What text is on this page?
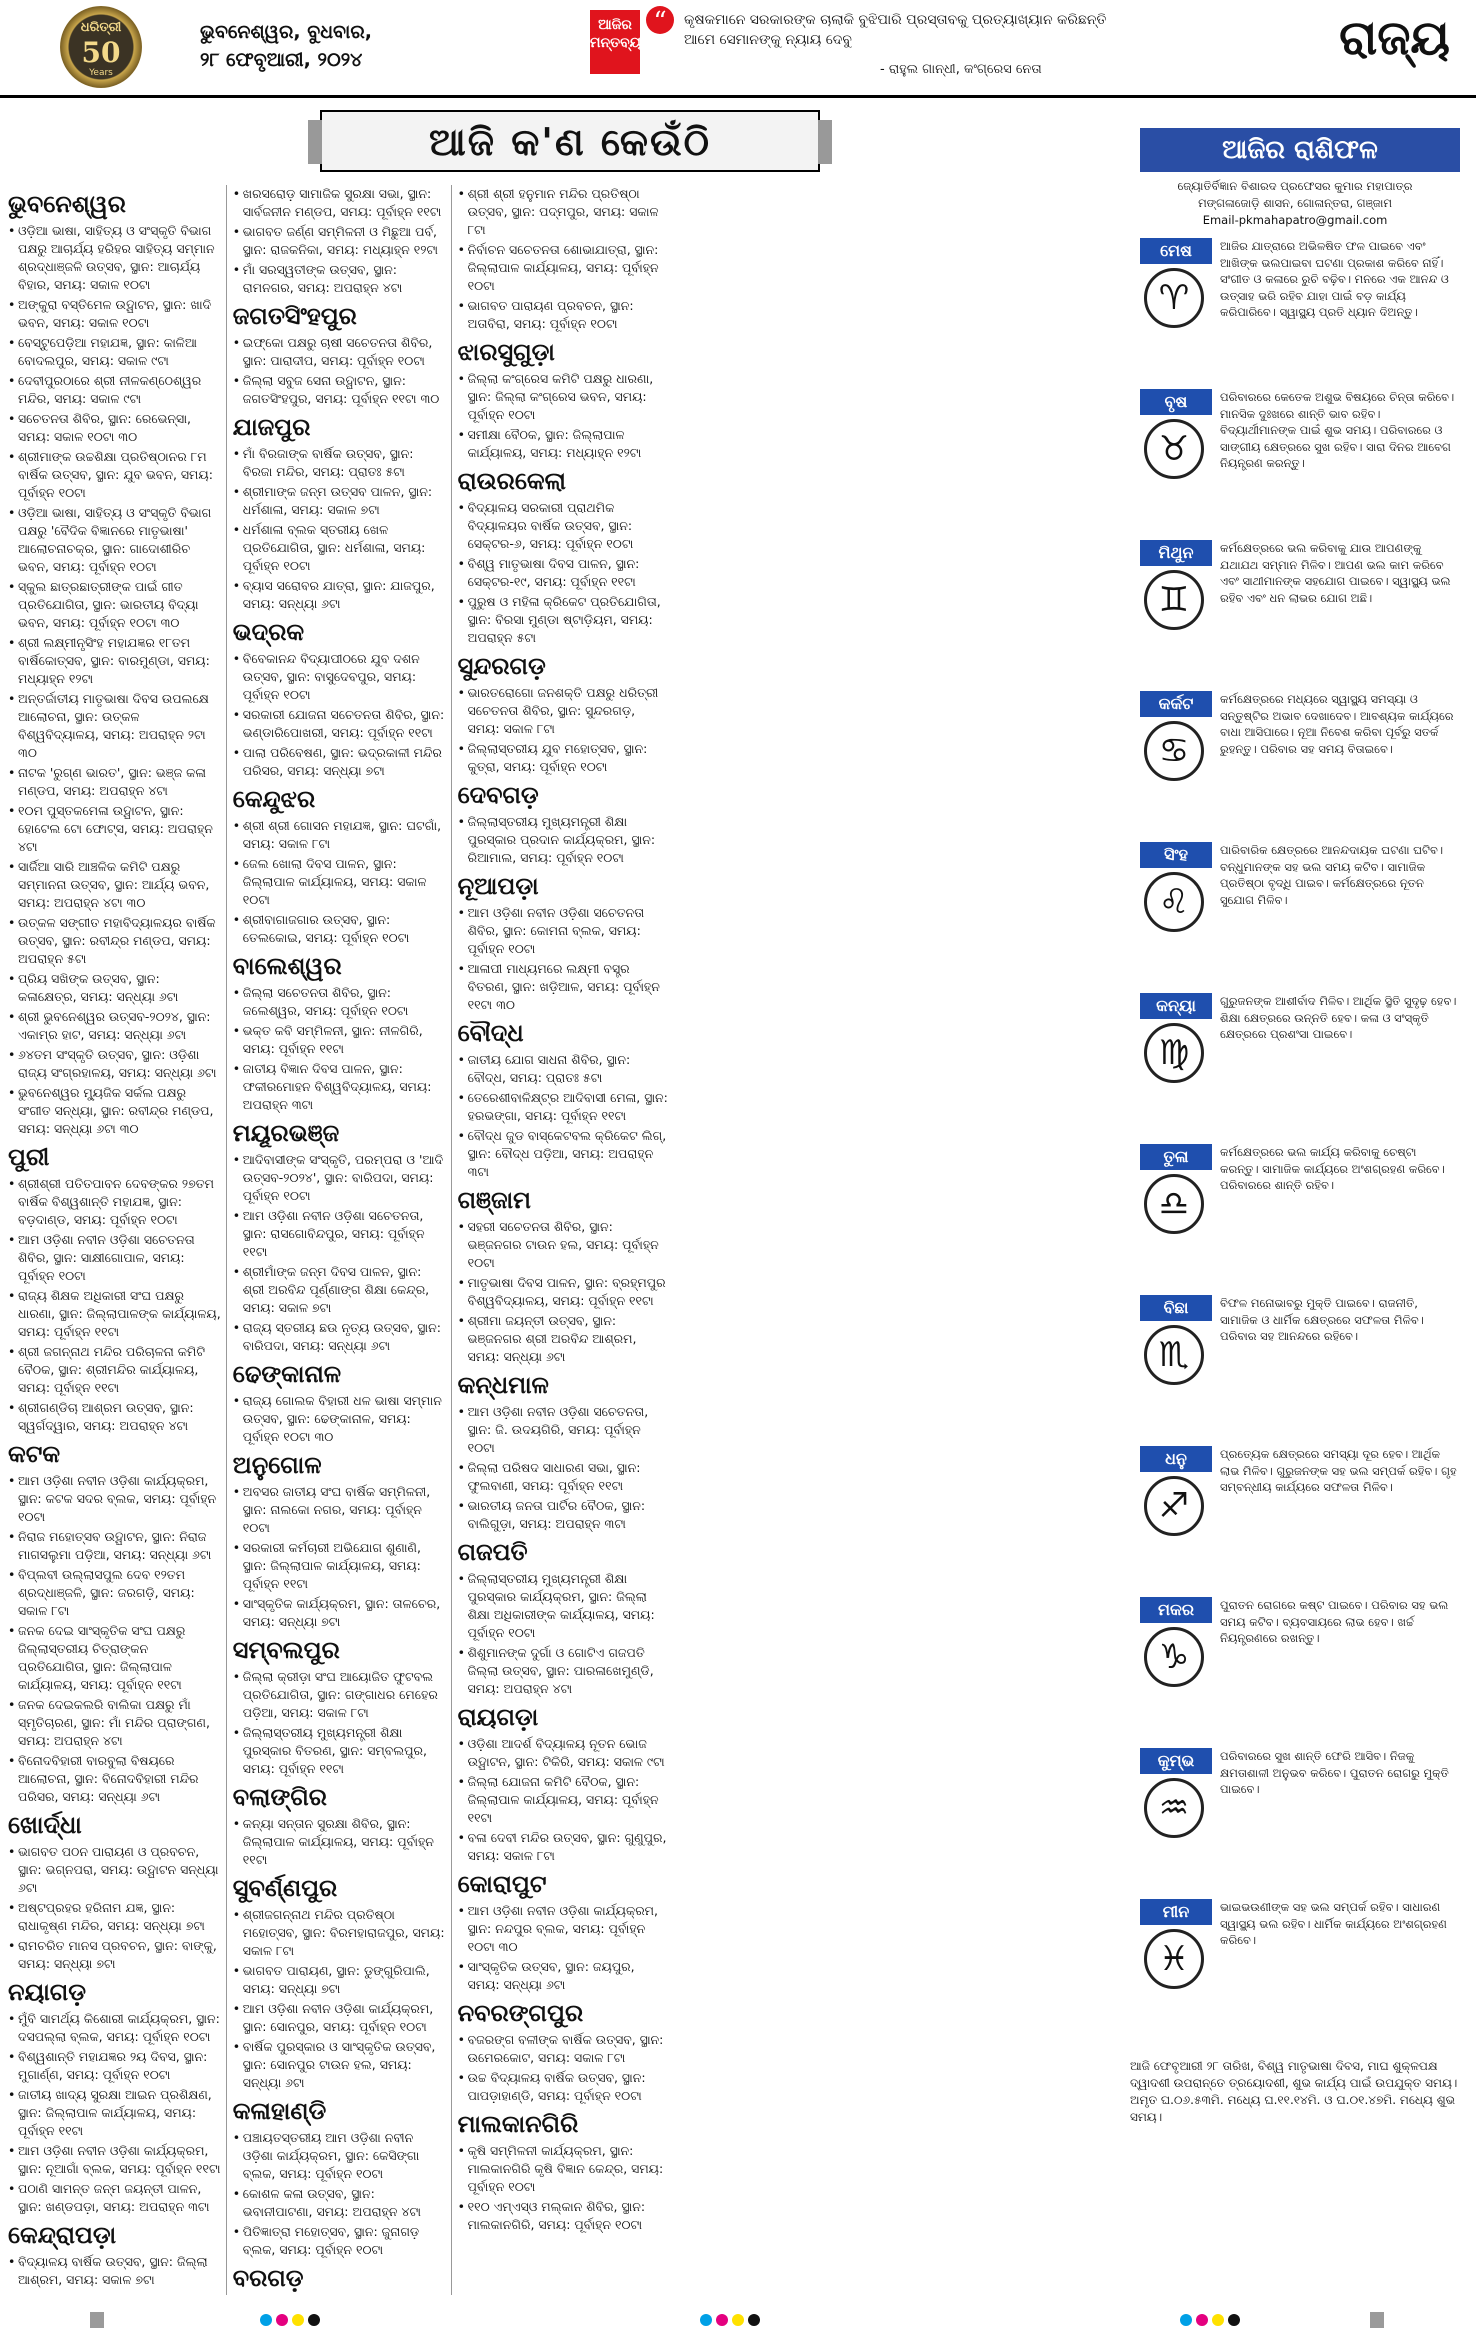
ଧରିତ୍ରୀ
50
Years
ଭୁବନେଶ୍ୱର, ବୁଧବାର,
୨୮ ଫେବୃଆରୀ, ୨୦୨୪
ଆଜିର ମନ୍ତବ୍ୟ
“	କୃଷକମାନେ ସରକାରଙ୍କ ଚାଲାକି ବୁଝିପାରି ପ୍ରସ୍ତାବକୁ ପ୍ରତ୍ୟାଖ୍ୟାନ କରିଛନ୍ତି ଆମେ ସେମାନଙ୍କୁ ନ୍ୟାୟ ଦେବୁ
- ରାହୁଲ ଗାନ୍ଧୀ, କଂଗ୍ରେସ ନେତା
ରାଜ୍ୟ
ଆଜି କ'ଣ କେଉଁଠି
ଭୁବନେଶ୍ୱର
• ଓଡ଼ିଆ ଭାଷା, ସାହିତ୍ୟ ଓ ସଂସ୍କୃତି ବିଭାଗ ପକ୍ଷରୁ ଆଚାର୍ଯ୍ୟ ହରିହର ସାହିତ୍ୟ ସମ୍ମାନ ଶ୍ରଦ୍ଧାଞ୍ଜଳି ଉତ୍ସବ, ସ୍ଥାନ: ଆଚାର୍ଯ୍ୟ ବିହାର, ସମୟ: ସକାଳ ୧୦ଟା
• ଅଙ୍କୁରା ବସ୍ତିମେଳ ଉଦ୍ଘାଟନ, ସ୍ଥାନ: ଖାଦି ଭବନ, ସମୟ: ସକାଳ ୧୦ଟା
• ବେସ୍ଟୁପେଡ଼ିଆ ମହାଯଜ୍ଞ, ସ୍ଥାନ: କାଳିଆ ବୋଦଲପୁର, ସମୟ: ସକାଳ ୯ଟା
• ଦେବୀପୁରଠାରେ ଶ୍ରୀ ନୀଳକଣ୍ଠେଶ୍ୱର ମନ୍ଦିର, ସମୟ: ସକାଳ ୯ଟା
• ସଚେତନତା ଶିବିର, ସ୍ଥାନ: ରେଭେନ୍ସା, ସମୟ: ସକାଳ ୧୦ଟା ୩୦
• ଶ୍ରୀମାଙ୍କ ଉଚ୍ଚଶିକ୍ଷା ପ୍ରତିଷ୍ଠାନର ୮ମ ବାର୍ଷିକ ଉତ୍ସବ, ସ୍ଥାନ: ଯୁବ ଭବନ, ସମୟ: ପୂର୍ବାହ୍ନ ୧୦ଟା
• ଓଡ଼ିଆ ଭାଷା, ସାହିତ୍ୟ ଓ ସଂସ୍କୃତି ବିଭାଗ ପକ୍ଷରୁ 'ବୈଦିକ ବିଜ୍ଞାନରେ ମାତୃଭାଷା' ଆଲୋଚନାଚକ୍ର, ସ୍ଥାନ: ଗାଦୋଶୀରିଚ ଭବନ, ସମୟ: ପୂର୍ବାହ୍ନ ୧୦ଟା
• ସ୍କୁଲ ଛାତ୍ରଛାତ୍ରୀଙ୍କ ପାଇଁ ଗୀତ ପ୍ରତିଯୋଗିତା, ସ୍ଥାନ: ଭାରତୀୟ ବିଦ୍ୟା ଭବନ, ସମୟ: ପୂର୍ବାହ୍ନ ୧୦ଟା ୩୦
• ଶ୍ରୀ ଲକ୍ଷ୍ମୀନୃସିଂହ ମହାଯଜ୍ଞର ୧୮ତମ ବାର୍ଷିକୋତ୍ସବ, ସ୍ଥାନ: ବାରମୁଣ୍ଡା, ସମୟ: ମଧ୍ୟାହ୍ନ ୧୨ଟା
• ଅନ୍ତର୍ଜାତୀୟ ମାତୃଭାଷା ଦିବସ ଉପଲକ୍ଷେ ଆଲୋଚନା, ସ୍ଥାନ: ଉତ୍କଳ ବିଶ୍ୱବିଦ୍ୟାଳୟ, ସମୟ: ଅପରାହ୍ନ ୨ଟା ୩୦
• ନାଟକ 'ରୁଗ୍ଣ ଭାରତ', ସ୍ଥାନ: ଭଞ୍ଜ କଳା ମଣ୍ଡପ, ସମୟ: ଅପରାହ୍ନ ୪ଟା
• ୧୦ମ ପୁସ୍ତକମେଳା ଉଦ୍ଘାଟନ, ସ୍ଥାନ: ହୋଟେଲ ଟୋ ଫୋଟ୍ସ, ସମୟ: ଅପରାହ୍ନ ୪ଟା
• ସାର୍ଜିଆ ସାରି ଆଞ୍ଚଳିକ କମିଟି ପକ୍ଷରୁ ସମ୍ମାନନା ଉତ୍ସବ, ସ୍ଥାନ: ଆର୍ଯ୍ୟ ଭବନ, ସମୟ: ଅପରାହ୍ନ ୪ଟା ୩୦
• ଉତ୍କଳ ସଙ୍ଗୀତ ମହାବିଦ୍ୟାଳୟର ବାର୍ଷିକ ଉତ୍ସବ, ସ୍ଥାନ: ରବୀନ୍ଦ୍ର ମଣ୍ଡପ, ସମୟ: ଅପରାହ୍ନ ୫ଟା
• ପ୍ରିୟ ସଖିଙ୍କ ଉତ୍ସବ, ସ୍ଥାନ: କଳାକ୍ଷେତ୍ର, ସମୟ: ସନ୍ଧ୍ୟା ୬ଟା
• ଶ୍ରୀ ଭୁବନେଶ୍ୱର ଉତ୍ସବ-୨୦୨୪, ସ୍ଥାନ: ଏକାମ୍ର ହାଟ, ସମୟ: ସନ୍ଧ୍ୟା ୬ଟା
• ୬୪ତମ ସଂସ୍କୃତି ଉତ୍ସବ, ସ୍ଥାନ: ଓଡ଼ିଶା ରାଜ୍ୟ ସଂଗ୍ରହାଳୟ, ସମୟ: ସନ୍ଧ୍ୟା ୬ଟା
• ଭୁବନେଶ୍ୱର ମ୍ୟୁଜିକ ସର୍କଲ ପକ୍ଷରୁ ସଂଗୀତ ସନ୍ଧ୍ୟା, ସ୍ଥାନ: ରବୀନ୍ଦ୍ର ମଣ୍ଡପ, ସମୟ: ସନ୍ଧ୍ୟା ୬ଟା ୩୦
ପୁରୀ
• ଶ୍ରୀଶ୍ରୀ ପତିତପାବନ ଦେବଙ୍କର ୨୭ତମ ବାର୍ଷିକ ବିଶ୍ୱଶାନ୍ତି ମହାଯଜ୍ଞ, ସ୍ଥାନ: ବଡ଼ଦାଣ୍ଡ, ସମୟ: ପୂର୍ବାହ୍ନ ୧୦ଟା
• ଆମ ଓଡ଼ିଶା ନବୀନ ଓଡ଼ିଶା ସଚେତନତା ଶିବିର, ସ୍ଥାନ: ସାକ୍ଷୀଗୋପାଳ, ସମୟ: ପୂର୍ବାହ୍ନ ୧୦ଟା
• ରାଜ୍ୟ ଶିକ୍ଷକ ଅଧିକାରୀ ସଂଘ ପକ୍ଷରୁ ଧାରଣା, ସ୍ଥାନ: ଜିଲ୍ଲାପାଳଙ୍କ କାର୍ଯ୍ୟାଳୟ, ସମୟ: ପୂର୍ବାହ୍ନ ୧୧ଟା
• ଶ୍ରୀ ଜଗନ୍ନାଥ ମନ୍ଦିର ପରିଚାଳନା କମିଟି ବୈଠକ, ସ୍ଥାନ: ଶ୍ରୀମନ୍ଦିର କାର୍ଯ୍ୟାଳୟ, ସମୟ: ପୂର୍ବାହ୍ନ ୧୧ଟା
• ଶ୍ରୀଗଣ୍ଡିଚା ଆଶ୍ରମ ଉତ୍ସବ, ସ୍ଥାନ: ସ୍ୱର୍ଗଦ୍ୱାର, ସମୟ: ଅପରାହ୍ନ ୪ଟା
କଟକ
• ଆମ ଓଡ଼ିଶା ନବୀନ ଓଡ଼ିଶା କାର୍ଯ୍ୟକ୍ରମ, ସ୍ଥାନ: କଟକ ସଦର ବ୍ଲକ, ସମୟ: ପୂର୍ବାହ୍ନ ୧୦ଟା
• ନିରାଜ ମହୋତ୍ସବ ଉଦ୍ଘାଟନ, ସ୍ଥାନ: ନିରାଜ ମାଗସଲୁମା ପଡ଼ିଆ, ସମୟ: ସନ୍ଧ୍ୟା ୬ଟା
• ବିପ୍ଲବୀ ଉଲ୍ଲାସପୁଲ ଦେବ ୧୨ତମ ଶ୍ରଦ୍ଧାଞ୍ଜଳି, ସ୍ଥାନ: ଜରଗଡ଼ି, ସମୟ: ସକାଳ ୮ଟା
• ଜନକ ଦେଇ ସାଂସ୍କୃତିକ ସଂଘ ପକ୍ଷରୁ ଜିଲ୍ଲାସ୍ତରୀୟ ଚିତ୍ରାଙ୍କନ ପ୍ରତିଯୋଗିତା, ସ୍ଥାନ: ଜିଲ୍ଲାପାଳ କାର୍ଯ୍ୟାଳୟ, ସମୟ: ପୂର୍ବାହ୍ନ ୧୧ଟା
• ଜନକ ଦେଇକଲରି ବାଲିକା ପକ୍ଷରୁ ମାଁ ସ୍ମୃତିଚାରଣ, ସ୍ଥାନ: ମାଁ ମନ୍ଦିର ପ୍ରାଙ୍ଗଣ, ସମୟ: ଅପରାହ୍ନ ୪ଟା
• ବିନୋଦବିହାରୀ ବାରବୁଲା ବିଷୟରେ ଆଲୋଚନା, ସ୍ଥାନ: ବିନୋଦବିହାରୀ ମନ୍ଦିର ପରିସର, ସମୟ: ସନ୍ଧ୍ୟା ୬ଟା
ଖୋର୍ଦ୍ଧା
• ଭାଗବତ ପଠନ ପାରାୟଣ ଓ ପ୍ରବଚନ, ସ୍ଥାନ: ଭଗ୍ନପରା, ସମୟ: ଉଦ୍ଘାଟନ ସନ୍ଧ୍ୟା ୬ଟା
• ଅଷ୍ଟପ୍ରହର ହରିନାମ ଯଜ୍ଞ, ସ୍ଥାନ: ରାଧାକୃଷ୍ଣ ମନ୍ଦିର, ସମୟ: ସନ୍ଧ୍ୟା ୭ଟା
• ରାମଚରିତ ମାନସ ପ୍ରବଚନ, ସ୍ଥାନ: ବାଙ୍କୁ, ସମୟ: ସନ୍ଧ୍ୟା ୭ଟା
ନୟାଗଡ଼
• ମୁଁବି ସାମର୍ଥ୍ୟ କିଶୋରୀ କାର୍ଯ୍ୟକ୍ରମ, ସ୍ଥାନ: ଦସପଲ୍ଲା ବ୍ଲକ, ସମୟ: ପୂର୍ବାହ୍ନ ୧୦ଟା
• ବିଶ୍ୱଶାନ୍ତି ମହାଯଜ୍ଞର ୨ୟ ଦିବସ, ସ୍ଥାନ: ମୁଗାର୍ଣ୍ଣ, ସମୟ: ପୂର୍ବାହ୍ନ ୧୦ଟା
• ଜାତୀୟ ଖାଦ୍ୟ ସୁରକ୍ଷା ଆଇନ ପ୍ରଶିକ୍ଷଣ, ସ୍ଥାନ: ଜିଲ୍ଲାପାଳ କାର୍ଯ୍ୟାଳୟ, ସମୟ: ପୂର୍ବାହ୍ନ ୧୧ଟା
• ଆମ ଓଡ଼ିଶା ନବୀନ ଓଡ଼ିଶା କାର୍ଯ୍ୟକ୍ରମ, ସ୍ଥାନ: ନୂଆଗାଁ ବ୍ଲକ, ସମୟ: ପୂର୍ବାହ୍ନ ୧୧ଟା
• ପଠାଣି ସାମନ୍ତ ଜନ୍ମ ଜୟନ୍ତୀ ପାଳନ, ସ୍ଥାନ: ଖଣ୍ଡପଡ଼ା, ସମୟ: ଅପରାହ୍ନ ୩ଟା
କେନ୍ଦ୍ରାପଡ଼ା
• ବିଦ୍ୟାଳୟ ବାର୍ଷିକ ଉତ୍ସବ, ସ୍ଥାନ: ଜିଲ୍ଲା ଆଶ୍ରମ, ସମୟ: ସକାଳ ୭ଟା
• ଖରସରୋଡ଼ ସାମାଜିକ ସୁରକ୍ଷା ସଭା, ସ୍ଥାନ: ସାର୍ବଜନୀନ ମଣ୍ଡପ, ସମୟ: ପୂର୍ବାହ୍ନ ୧୧ଟା
• ଭାଗବତ ଜର୍ଣ୍ଣ ସମ୍ମିଳନୀ ଓ ମିଛୁଆ ପର୍ବ, ସ୍ଥାନ: ରାଜକନିକା, ସମୟ: ମଧ୍ୟାହ୍ନ ୧୨ଟା
• ମାଁ ସରସ୍ୱତୀଙ୍କ ଉତ୍ସବ, ସ୍ଥାନ: ରାମନଗର, ସମୟ: ଅପରାହ୍ନ ୪ଟା
ଜଗତସିଂହପୁର
• ଇଫ୍କୋ ପକ୍ଷରୁ ଚାଷୀ ସଚେତନତା ଶିବିର, ସ୍ଥାନ: ପାରାଦୀପ, ସମୟ: ପୂର୍ବାହ୍ନ ୧୦ଟା
• ଜିଲ୍ଲା ସବୁଜ ସେନା ଉଦ୍ଘାଟନ, ସ୍ଥାନ: ଜଗତସିଂହପୁର, ସମୟ: ପୂର୍ବାହ୍ନ ୧୧ଟା ୩୦
ଯାଜପୁର
• ମାଁ ବିରଜାଙ୍କ ବାର୍ଷିକ ଉତ୍ସବ, ସ୍ଥାନ: ବିରଜା ମନ୍ଦିର, ସମୟ: ପ୍ରାତଃ ୫ଟା
• ଶ୍ରୀମାଙ୍କ ଜନ୍ମ ଉତ୍ସବ ପାଳନ, ସ୍ଥାନ: ଧର୍ମଶାଳା, ସମୟ: ସକାଳ ୭ଟା
• ଧର୍ମଶାଳା ବ୍ଲକ ସ୍ତରୀୟ ଖେଳ ପ୍ରତିଯୋଗିତା, ସ୍ଥାନ: ଧର୍ମଶାଳା, ସମୟ: ପୂର୍ବାହ୍ନ ୧୦ଟା
• ବ୍ୟାସ ସରୋବର ଯାତ୍ରା, ସ୍ଥାନ: ଯାଜପୁର, ସମୟ: ସନ୍ଧ୍ୟା ୬ଟା
ଭଦ୍ରକ
• ବିବେକାନନ୍ଦ ବିଦ୍ୟାପୀଠରେ ଯୁବ ଦଶନ ଉତ୍ସବ, ସ୍ଥାନ: ବାସୁଦେବପୁର, ସମୟ: ପୂର୍ବାହ୍ନ ୧୦ଟା
• ସରକାରୀ ଯୋଜନା ସଚେତନତା ଶିବିର, ସ୍ଥାନ: ଭଣ୍ଡାରିପୋଖରୀ, ସମୟ: ପୂର୍ବାହ୍ନ ୧୧ଟା
• ପାଲା ପରିବେଷଣ, ସ୍ଥାନ: ଭଦ୍ରକାଳୀ ମନ୍ଦିର ପରିସର, ସମୟ: ସନ୍ଧ୍ୟା ୭ଟା
କେନ୍ଦୁଝର
• ଶ୍ରୀ ଶ୍ରୀ ଗୋସନ ମହାଯଜ୍ଞ, ସ୍ଥାନ: ଘଟଗାଁ, ସମୟ: ସକାଳ ୮ଟା
• ଜେଲ ଖୋଲା ଦିବସ ପାଳନ, ସ୍ଥାନ: ଜିଲ୍ଲାପାଳ କାର୍ଯ୍ୟାଳୟ, ସମୟ: ସକାଳ ୧୦ଟା
• ଶ୍ରୀବାଗାଜଗାର ଉତ୍ସବ, ସ୍ଥାନ: ତେଲକୋଇ, ସମୟ: ପୂର୍ବାହ୍ନ ୧୦ଟା
ବାଲେଶ୍ୱର
• ଜିଲ୍ଲା ସଚେତନତା ଶିବିର, ସ୍ଥାନ: ଜଲେଶ୍ୱର, ସମୟ: ପୂର୍ବାହ୍ନ ୧୦ଟା
• ଭକ୍ତ କବି ସମ୍ମିଳନୀ, ସ୍ଥାନ: ନୀଳଗିରି, ସମୟ: ପୂର୍ବାହ୍ନ ୧୧ଟା
• ଜାତୀୟ ବିଜ୍ଞାନ ଦିବସ ପାଳନ, ସ୍ଥାନ: ଫକୀରମୋହନ ବିଶ୍ୱବିଦ୍ୟାଳୟ, ସମୟ: ଅପରାହ୍ନ ୩ଟା
ମୟୂରଭଞ୍ଜ
• ଆଦିବାସୀଙ୍କ ସଂସ୍କୃତି, ପରମ୍ପରା ଓ 'ଆଦି ଉତ୍ସବ-୨୦୨୪', ସ୍ଥାନ: ବାରିପଦା, ସମୟ: ପୂର୍ବାହ୍ନ ୧୦ଟା
• ଆମ ଓଡ଼ିଶା ନବୀନ ଓଡ଼ିଶା ସଚେତନତା, ସ୍ଥାନ: ରାସଗୋବିନ୍ଦପୁର, ସମୟ: ପୂର୍ବାହ୍ନ ୧୧ଟା
• ଶ୍ରୀମାଁଙ୍କ ଜନ୍ମ ଦିବସ ପାଳନ, ସ୍ଥାନ: ଶ୍ରୀ ଅରବିନ୍ଦ ପୂର୍ଣ୍ଣାଙ୍ଗ ଶିକ୍ଷା କେନ୍ଦ୍ର, ସମୟ: ସକାଳ ୭ଟା
• ରାଜ୍ୟ ସ୍ତରୀୟ ଛଉ ନୃତ୍ୟ ଉତ୍ସବ, ସ୍ଥାନ: ବାରିପଦା, ସମୟ: ସନ୍ଧ୍ୟା ୬ଟା
ଢେଙ୍କାନାଳ
• ରାଜ୍ୟ ଗୋଲକ ବିହାରୀ ଧଳ ଭାଷା ସମ୍ମାନ ଉତ୍ସବ, ସ୍ଥାନ: ଢେଙ୍କାନାଳ, ସମୟ: ପୂର୍ବାହ୍ନ ୧୦ଟା ୩୦
ଅନୁଗୋଳ
• ଅବସର ଜାତୀୟ ସଂଘ ବାର୍ଷିକ ସମ୍ମିଳନୀ, ସ୍ଥାନ: ନାଲକୋ ନଗର, ସମୟ: ପୂର୍ବାହ୍ନ ୧୦ଟା
• ସରକାରୀ କର୍ମଚାରୀ ଅଭିଯୋଗ ଶୁଣାଣି, ସ୍ଥାନ: ଜିଲ୍ଲାପାଳ କାର୍ଯ୍ୟାଳୟ, ସମୟ: ପୂର୍ବାହ୍ନ ୧୧ଟା
• ସାଂସ୍କୃତିକ କାର୍ଯ୍ୟକ୍ରମ, ସ୍ଥାନ: ତାଳଚେର, ସମୟ: ସନ୍ଧ୍ୟା ୭ଟା
ସମ୍ବଲପୁର
• ଜିଲ୍ଲା କ୍ରୀଡ଼ା ସଂଘ ଆୟୋଜିତ ଫୁଟବଲ ପ୍ରତିଯୋଗିତା, ସ୍ଥାନ: ଗଙ୍ଗାଧର ମେହେର ପଡ଼ିଆ, ସମୟ: ସକାଳ ୮ଟା
• ଜିଲ୍ଲାସ୍ତରୀୟ ମୁଖ୍ୟମନ୍ତ୍ରୀ ଶିକ୍ଷା ପୁରସ୍କାର ବିତରଣ, ସ୍ଥାନ: ସମ୍ବଲପୁର, ସମୟ: ପୂର୍ବାହ୍ନ ୧୧ଟା
ବଲାଙ୍ଗିର
• କନ୍ୟା ସନ୍ତାନ ସୁରକ୍ଷା ଶିବିର, ସ୍ଥାନ: ଜିଲ୍ଲାପାଳ କାର୍ଯ୍ୟାଳୟ, ସମୟ: ପୂର୍ବାହ୍ନ ୧୧ଟା
ସୁବର୍ଣ୍ଣପୁର
• ଶ୍ରୀଜଗନ୍ନାଥ ମନ୍ଦିର ପ୍ରତିଷ୍ଠା ମହୋତ୍ସବ, ସ୍ଥାନ: ବିରମହାରାଜପୁର, ସମୟ: ସକାଳ ୮ଟା
• ଭାଗବତ ପାରାୟଣ, ସ୍ଥାନ: ଡୁଙ୍ଗୁରିପାଲି, ସମୟ: ସନ୍ଧ୍ୟା ୭ଟା
• ଆମ ଓଡ଼ିଶା ନବୀନ ଓଡ଼ିଶା କାର୍ଯ୍ୟକ୍ରମ, ସ୍ଥାନ: ସୋନପୁର, ସମୟ: ପୂର୍ବାହ୍ନ ୧୦ଟା
• ବାର୍ଷିକ ପୁରସ୍କାର ଓ ସାଂସ୍କୃତିକ ଉତ୍ସବ, ସ୍ଥାନ: ସୋନପୁର ଟାଉନ ହଲ, ସମୟ: ସନ୍ଧ୍ୟା ୬ଟା
କଳାହାଣ୍ଡି
• ପଞ୍ଚାୟତସ୍ତରୀୟ ଆମ ଓଡ଼ିଶା ନବୀନ ଓଡ଼ିଶା କାର୍ଯ୍ୟକ୍ରମ, ସ୍ଥାନ: କେସିଙ୍ଗା ବ୍ଲକ, ସମୟ: ପୂର୍ବାହ୍ନ ୧୦ଟା
• କୋଶଳ କଳା ଉତ୍ସବ, ସ୍ଥାନ: ଭବାନୀପାଟଣା, ସମୟ: ଅପରାହ୍ନ ୪ଟା
• ପିତିଜ୍ଞାତ୍ରା ମହୋତ୍ସବ, ସ୍ଥାନ: ଜୁନାଗଡ଼ ବ୍ଲକ, ସମୟ: ପୂର୍ବାହ୍ନ ୧୦ଟା
ବରଗଡ଼
• ଶ୍ରୀ ଶ୍ରୀ ହନୁମାନ ମନ୍ଦିର ପ୍ରତିଷ୍ଠା ଉତ୍ସବ, ସ୍ଥାନ: ପଦ୍ମପୁର, ସମୟ: ସକାଳ ୮ଟା
• ନିର୍ବାଚନ ସଚେତନତା ଶୋଭାଯାତ୍ରା, ସ୍ଥାନ: ଜିଲ୍ଲାପାଳ କାର୍ଯ୍ୟାଳୟ, ସମୟ: ପୂର୍ବାହ୍ନ ୧୦ଟା
• ଭାଗବତ ପାରାୟଣ ପ୍ରବଚନ, ସ୍ଥାନ: ଅତାବିରା, ସମୟ: ପୂର୍ବାହ୍ନ ୧୦ଟା
ଝାରସୁଗୁଡ଼ା
• ଜିଲ୍ଲା କଂଗ୍ରେସ କମିଟି ପକ୍ଷରୁ ଧାରଣା, ସ୍ଥାନ: ଜିଲ୍ଲା କଂଗ୍ରେସ ଭବନ, ସମୟ: ପୂର୍ବାହ୍ନ ୧୦ଟା
• ସମୀକ୍ଷା ବୈଠକ, ସ୍ଥାନ: ଜିଲ୍ଲାପାଳ କାର୍ଯ୍ୟାଳୟ, ସମୟ: ମଧ୍ୟାହ୍ନ ୧୨ଟା
ରାଉରକେଲା
• ବିଦ୍ୟାଳୟ ସରକାରୀ ପ୍ରାଥମିକ ବିଦ୍ୟାଳୟର ବାର୍ଷିକ ଉତ୍ସବ, ସ୍ଥାନ: ସେକ୍ଟର-୬, ସମୟ: ପୂର୍ବାହ୍ନ ୧୦ଟା
• ବିଶ୍ୱ ମାତୃଭାଷା ଦିବସ ପାଳନ, ସ୍ଥାନ: ସେକ୍ଟର-୧୯, ସମୟ: ପୂର୍ବାହ୍ନ ୧୧ଟା
• ପୁରୁଷ ଓ ମହିଳା କ୍ରିକେଟ ପ୍ରତିଯୋଗିତା, ସ୍ଥାନ: ବିରସା ମୁଣ୍ଡା ଷ୍ଟାଡ଼ିୟମ, ସମୟ: ଅପରାହ୍ନ ୫ଟା
ସୁନ୍ଦରଗଡ଼
• ଭାରତରୋଗୋ ଜନଶକ୍ତି ପକ୍ଷରୁ ଧରିତ୍ରୀ ସଚେତନତା ଶିବିର, ସ୍ଥାନ: ସୁନ୍ଦରଗଡ଼, ସମୟ: ସକାଳ ୮ଟା
• ଜିଲ୍ଲାସ୍ତରୀୟ ଯୁବ ମହୋତ୍ସବ, ସ୍ଥାନ: କୁତ୍ରା, ସମୟ: ପୂର୍ବାହ୍ନ ୧୦ଟା
ଦେବଗଡ଼
• ଜିଲ୍ଲାସ୍ତରୀୟ ମୁଖ୍ୟମନ୍ତ୍ରୀ ଶିକ୍ଷା ପୁରସ୍କାର ପ୍ରଦାନ କାର୍ଯ୍ୟକ୍ରମ, ସ୍ଥାନ: ରିଆମାଲ, ସମୟ: ପୂର୍ବାହ୍ନ ୧୦ଟା
ନୂଆପଡ଼ା
• ଆମ ଓଡ଼ିଶା ନବୀନ ଓଡ଼ିଶା ସଚେତନତା ଶିବିର, ସ୍ଥାନ: କୋମନା ବ୍ଲକ, ସମୟ: ପୂର୍ବାହ୍ନ ୧୦ଟା
• ଆଳାପୀ ମାଧ୍ୟମରେ ଲକ୍ଷ୍ମୀ ବସ୍ତ୍ର ବିତରଣ, ସ୍ଥାନ: ଖଡ଼ିଆଳ, ସମୟ: ପୂର୍ବାହ୍ନ ୧୧ଟା ୩୦
ବୌଦ୍ଧ
• ଜାତୀୟ ଯୋଗ ସାଧନା ଶିବିର, ସ୍ଥାନ: ବୌଦ୍ଧ, ସମୟ: ପ୍ରାତଃ ୫ଟା
• ତେରେଶୀବାଳିକ୍ଷ୍ଟ୍ର ଆଦିବାସୀ ମେଳା, ସ୍ଥାନ: ହରଭଙ୍ଗା, ସମୟ: ପୂର୍ବାହ୍ନ ୧୧ଟା
• ବୌଦ୍ଧ ଜୁଡ ବାସ୍କେଟବଲ କ୍ରିକେଟ ଲିଗ୍, ସ୍ଥାନ: ବୌଦ୍ଧ ପଡ଼ିଆ, ସମୟ: ଅପରାହ୍ନ ୩ଟା
ଗଞ୍ଜାମ
• ସହରୀ ସଚେତନତା ଶିବିର, ସ୍ଥାନ: ଭଞ୍ଜନଗର ଟାଉନ ହଲ, ସମୟ: ପୂର୍ବାହ୍ନ ୧୦ଟା
• ମାତୃଭାଷା ଦିବସ ପାଳନ, ସ୍ଥାନ: ବ୍ରହ୍ମପୁର ବିଶ୍ୱବିଦ୍ୟାଳୟ, ସମୟ: ପୂର୍ବାହ୍ନ ୧୧ଟା
• ଶ୍ରୀମା ଜୟନ୍ତୀ ଉତ୍ସବ, ସ୍ଥାନ: ଭଞ୍ଜନଗର ଶ୍ରୀ ଅରବିନ୍ଦ ଆଶ୍ରମ, ସମୟ: ସନ୍ଧ୍ୟା ୬ଟା
କନ୍ଧମାଳ
• ଆମ ଓଡ଼ିଶା ନବୀନ ଓଡ଼ିଶା ସଚେତନତା, ସ୍ଥାନ: ଜି. ଉଦୟଗିରି, ସମୟ: ପୂର୍ବାହ୍ନ ୧୦ଟା
• ଜିଲ୍ଲା ପରିଷଦ ସାଧାରଣ ସଭା, ସ୍ଥାନ: ଫୁଲବାଣୀ, ସମୟ: ପୂର୍ବାହ୍ନ ୧୧ଟା
• ଭାରତୀୟ ଜନତା ପାର୍ଟିର ବୈଠକ, ସ୍ଥାନ: ବାଲିଗୁଡ଼ା, ସମୟ: ଅପରାହ୍ନ ୩ଟା
ଗଜପତି
• ଜିଲ୍ଲାସ୍ତରୀୟ ମୁଖ୍ୟମନ୍ତ୍ରୀ ଶିକ୍ଷା ପୁରସ୍କାର କାର୍ଯ୍ୟକ୍ରମ, ସ୍ଥାନ: ଜିଲ୍ଲା ଶିକ୍ଷା ଅଧିକାରୀଙ୍କ କାର୍ଯ୍ୟାଳୟ, ସମୟ: ପୂର୍ବାହ୍ନ ୧୦ଟା
• ଶିଶୁମାନଙ୍କ ଦୁର୍ଗା ଓ ଗୋଟିଏ ଗଜପତି ଜିଲ୍ଲା ଉତ୍ସବ, ସ୍ଥାନ: ପାରଳାଖେମୁଣ୍ଡି, ସମୟ: ଅପରାହ୍ନ ୪ଟା
ରାୟଗଡ଼ା
• ଓଡ଼ିଶା ଆଦର୍ଶ ବିଦ୍ୟାଳୟ ନୂତନ ଭୋଜ ଉଦ୍ଘାଟନ, ସ୍ଥାନ: ଟିକିରି, ସମୟ: ସକାଳ ୯ଟା
• ଜିଲ୍ଲା ଯୋଜନା କମିଟି ବୈଠକ, ସ୍ଥାନ: ଜିଲ୍ଲାପାଳ କାର୍ଯ୍ୟାଳୟ, ସମୟ: ପୂର୍ବାହ୍ନ ୧୧ଟା
• ବଳା ଦେବୀ ମନ୍ଦିର ଉତ୍ସବ, ସ୍ଥାନ: ଗୁଣୁପୁର, ସମୟ: ସକାଳ ୮ଟା
କୋରାପୁଟ
• ଆମ ଓଡ଼ିଶା ନବୀନ ଓଡ଼ିଶା କାର୍ଯ୍ୟକ୍ରମ, ସ୍ଥାନ: ନନ୍ଦପୁର ବ୍ଲକ, ସମୟ: ପୂର୍ବାହ୍ନ ୧୦ଟା ୩୦
• ସାଂସ୍କୃତିକ ଉତ୍ସବ, ସ୍ଥାନ: ଜୟପୁର, ସମୟ: ସନ୍ଧ୍ୟା ୬ଟା
ନବରଙ୍ଗପୁର
• ବଜରଙ୍ଗ ବଳୀଙ୍କ ବାର୍ଷିକ ଉତ୍ସବ, ସ୍ଥାନ: ଉମେରକୋଟ, ସମୟ: ସକାଳ ୮ଟା
• ଉଚ୍ଚ ବିଦ୍ୟାଳୟ ବାର୍ଷିକ ଉତ୍ସବ, ସ୍ଥାନ: ପାପଡ଼ାହାଣ୍ଡି, ସମୟ: ପୂର୍ବାହ୍ନ ୧୦ଟା
ମାଲକାନଗିରି
• କୃଷି ସମ୍ମିଳନୀ କାର୍ଯ୍ୟକ୍ରମ, ସ୍ଥାନ: ମାଲକାନଗିରି କୃଷି ବିଜ୍ଞାନ କେନ୍ଦ୍ର, ସମୟ: ପୂର୍ବାହ୍ନ ୧୦ଟା
• ୧୧୦ ଏମ୍‌ଏସ୍‌ଓ ମଲ୍କାନ ଶିବିର, ସ୍ଥାନ: ମାଲକାନଗିରି, ସମୟ: ପୂର୍ବାହ୍ନ ୧୦ଟା
ଆଜିର ରାଶିଫଳ
ଜ୍ୟୋତିର୍ବିଜ୍ଞାନ ବିଶାରଦ ପ୍ରଫେସର କୁମାର ମହାପାତ୍ର
ମଙ୍ଗଳାଜୋଡ଼ି ଶାସନ, ଗୋଳାନ୍ତରା, ଗଞ୍ଜାମ
Email-pkmahapatro@gmail.com
ମେଷ
♈
ଆଜିର ଯାତ୍ରାରେ ଅଭିଳଷିତ ଫଳ ପାଇବେ ଏବଂ ଆଖିଙ୍କ ଭଲପାଇବା ଘଟଣା ପ୍ରକାଶ କରିବେ ନାହିଁ। ସଂଗୀତ ଓ କଳାରେ ରୁଚି ବଢ଼ିବ। ମନରେ ଏକ ଆନନ୍ଦ ଓ ଉତ୍ସାହ ଭରି ରହିବ ଯାହା ପାଇଁ ବଡ଼ କାର୍ଯ୍ୟ କରିପାରିବେ। ସ୍ୱାସ୍ଥ୍ୟ ପ୍ରତି ଧ୍ୟାନ ଦିଅନ୍ତୁ।
ବୃଷ
♉
ପରିବାରରେ କେତେକ ଅଶୁଭ ବିଷୟରେ ଚିନ୍ତା କରିବେ। ମାନସିକ ଦୁଃଖରେ ଶାନ୍ତି ଭାବ ରହିବ। ବିଦ୍ୟାର୍ଥୀମାନଙ୍କ ପାଇଁ ଶୁଭ ସମୟ। ପରିବାରରେ ଓ ସାଙ୍ଗୀୟ କ୍ଷେତ୍ରରେ ସୁଖ ରହିବ। ସାରା ଦିନର ଆବେଗ ନିୟନ୍ତ୍ରଣ କରନ୍ତୁ।
ମିଥୁନ
♊
କର୍ମକ୍ଷେତ୍ରରେ ଭଲ କରିବାକୁ ଯାଉ ଆପଣଙ୍କୁ ଯଥାଯଥ ସମ୍ମାନ ମିଳିବ। ଆପଣ ଭଲ କାମ କରିବେ ଏବଂ ସାଥୀମାନଙ୍କ ସହଯୋଗ ପାଇବେ। ସ୍ୱାସ୍ଥ୍ୟ ଭଲ ରହିବ ଏବଂ ଧନ ଲାଭର ଯୋଗ ଅଛି।
କର୍କଟ
♋
କର୍ମକ୍ଷେତ୍ରରେ ମଧ୍ୟରେ ସ୍ୱାସ୍ଥ୍ୟ ସମସ୍ୟା ଓ ସନ୍ତୁଷ୍ଟିର ଅଭାବ ଦେଖାଦେବ। ଆବଶ୍ୟକ କାର୍ଯ୍ୟରେ ବାଧା ଆସିପାରେ। ନୂଆ ନିବେଶ କରିବା ପୂର୍ବରୁ ସତର୍କ ରୁହନ୍ତୁ। ପରିବାର ସହ ସମୟ ବିତାଇବେ।
ସିଂହ
♌
ପାରିବାରିକ କ୍ଷେତ୍ରରେ ଆନନ୍ଦଦାୟକ ଘଟଣା ଘଟିବ। ବନ୍ଧୁମାନଙ୍କ ସହ ଭଲ ସମୟ କଟିବ। ସାମାଜିକ ପ୍ରତିଷ୍ଠା ବୃଦ୍ଧି ପାଇବ। କର୍ମକ୍ଷେତ୍ରରେ ନୂତନ ସୁଯୋଗ ମିଳିବ।
କନ୍ୟା
♍
ଗୁରୁଜନଙ୍କ ଆଶୀର୍ବାଦ ମିଳିବ। ଆର୍ଥିକ ସ୍ଥିତି ସୁଦୃଢ଼ ହେବ। ଶିକ୍ଷା କ୍ଷେତ୍ରରେ ଉନ୍ନତି ହେବ। କଳା ଓ ସଂସ୍କୃତି କ୍ଷେତ୍ରରେ ପ୍ରଶଂସା ପାଇବେ।
ତୁଳା
♎
କର୍ମକ୍ଷେତ୍ରରେ ଭଲ କାର୍ଯ୍ୟ କରିବାକୁ ଚେଷ୍ଟା କରନ୍ତୁ। ସାମାଜିକ କାର୍ଯ୍ୟରେ ଅଂଶଗ୍ରହଣ କରିବେ। ପରିବାରରେ ଶାନ୍ତି ରହିବ।
ବିଛା
♏
ବିଫଳ ମନୋଭାବରୁ ମୁକ୍ତି ପାଇବେ। ରାଜନୀତି, ସାମାଜିକ ଓ ଧାର୍ମିକ କ୍ଷେତ୍ରରେ ସଫଳତା ମିଳିବ। ପରିବାର ସହ ଆନନ୍ଦରେ ରହିବେ।
ଧନୁ
♐
ପ୍ରତ୍ୟେକ କ୍ଷେତ୍ରରେ ସମସ୍ୟା ଦୂର ହେବ। ଆର୍ଥିକ ଲାଭ ମିଳିବ। ଗୁରୁଜନଙ୍କ ସହ ଭଲ ସମ୍ପର୍କ ରହିବ। ଗୃହ ସମ୍ବନ୍ଧୀୟ କାର୍ଯ୍ୟରେ ସଫଳତା ମିଳିବ।
ମକର
♑
ପୁରାତନ ରୋଗରେ କଷ୍ଟ ପାଇବେ। ପରିବାର ସହ ଭଲ ସମୟ କଟିବ। ବ୍ୟବସାୟରେ ଲାଭ ହେବ। ଖର୍ଚ୍ଚ ନିୟନ୍ତ୍ରଣରେ ରଖନ୍ତୁ।
କୁମ୍ଭ
♒
ପରିବାରରେ ସୁଖ ଶାନ୍ତି ଫେରି ଆସିବ। ନିଜକୁ କ୍ଷମତାଶାଳୀ ଅନୁଭବ କରିବେ। ପୁରାତନ ରୋଗରୁ ମୁକ୍ତି ପାଇବେ।
ମୀନ
♓
ଭାଇଭଉଣୀଙ୍କ ସହ ଭଲ ସମ୍ପର୍କ ରହିବ। ସାଧାରଣ ସ୍ୱାସ୍ଥ୍ୟ ଭଲ ରହିବ। ଧାର୍ମିକ କାର୍ଯ୍ୟରେ ଅଂଶଗ୍ରହଣ କରିବେ।
ଆଜି ଫେବୃଆରୀ ୨୮ ତାରିଖ, ବିଶ୍ୱ ମାତୃଭାଷା ଦିବସ, ମାଘ ଶୁକ୍ଳପକ୍ଷ ଦ୍ୱାଦଶୀ ଉପରାନ୍ତେ ତ୍ରୟୋଦଶୀ, ଶୁଭ କାର୍ଯ୍ୟ ପାଇଁ ଉପଯୁକ୍ତ ସମୟ। ଅମୃତ ଘ.୦୬.୫୩ମି. ମଧ୍ୟେ ଘ.୧୧.୧୪ମି. ଓ ଘ.୦୧.୪୭ମି. ମଧ୍ୟେ ଶୁଭ ସମୟ।
